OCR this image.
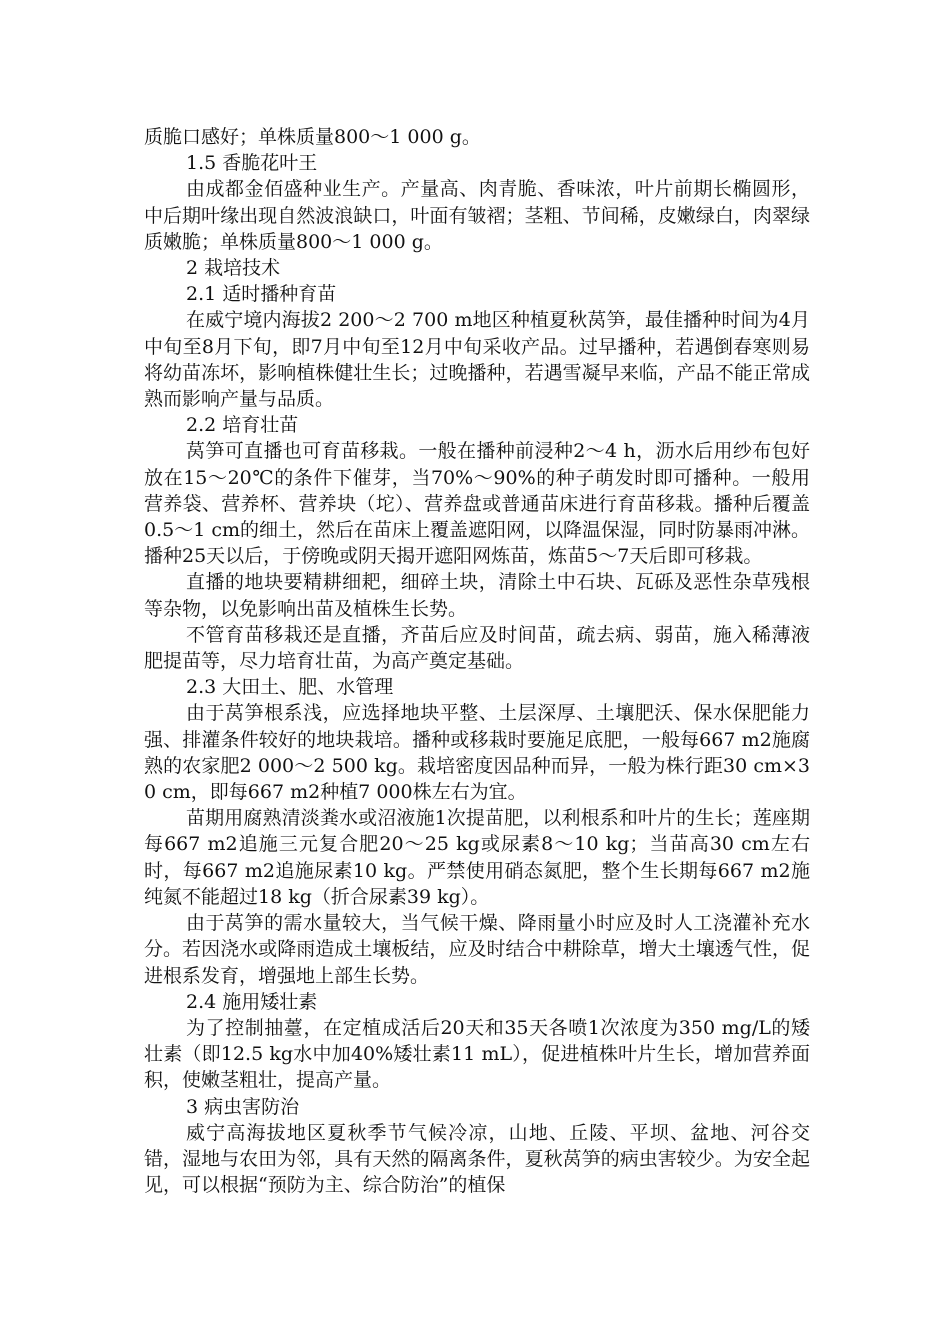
质脆口感好；单株质量800～1 000 g。

1.5 香脆花叶王

由成都金佰盛种业生产。产量高、肉青脆、香味浓，叶片前期长椭圆形，中后期叶缘出现自然波浪缺口，叶面有皱褶；茎粗、节间稀，皮嫩绿白，肉翠绿质嫩脆；单株质量800～1 000 g。

2 栽培技术

2.1 适时播种育苗

在威宁境内海拔2 200～2 700 m地区种植夏秋莴笋，最佳播种时间为4月中旬至8月下旬，即7月中旬至12月中旬采收产品。过早播种，若遇倒春寒则易将幼苗冻坏，影响植株健壮生长；过晚播种，若遇雪凝早来临，产品不能正常成熟而影响产量与品质。

2.2 培育壮苗

莴笋可直播也可育苗移栽。一般在播种前浸种2～4 h，沥水后用纱布包好放在15～20℃的条件下催芽，当70%～90%的种子萌发时即可播种。一般用营养袋、营养杯、营养块（坨）、营养盘或普通苗床进行育苗移栽。播种后覆盖0.5～1 cm的细土，然后在苗床上覆盖遮阳网，以降温保湿，同时防暴雨冲淋。播种25天以后，于傍晚或阴天揭开遮阳网炼苗，炼苗5～7天后即可移栽。

直播的地块要精耕细耙，细碎土块，清除土中石块、瓦砾及恶性杂草残根等杂物，以免影响出苗及植株生长势。

不管育苗移栽还是直播，齐苗后应及时间苗，疏去病、弱苗，施入稀薄液肥提苗等，尽力培育壮苗，为高产奠定基础。

2.3 大田土、肥、水管理

由于莴笋根系浅，应选择地块平整、土层深厚、土壤肥沃、保水保肥能力强、排灌条件较好的地块栽培。播种或移栽时要施足底肥，一般每667 m2施腐熟的农家肥2 000～2 500 kg。栽培密度因品种而异，一般为株行距30 cm×30 cm，即每667 m2种植7 000株左右为宜。

苗期用腐熟清淡粪水或沼液施1次提苗肥，以利根系和叶片的生长；莲座期每667 m2追施三元复合肥20～25 kg或尿素8～10 kg；当苗高30 cm左右时，每667 m2追施尿素10 kg。严禁使用硝态氮肥，整个生长期每667 m2施纯氮不能超过18 kg（折合尿素39 kg）。

由于莴笋的需水量较大，当气候干燥、降雨量小时应及时人工浇灌补充水分。若因浇水或降雨造成土壤板结，应及时结合中耕除草，增大土壤透气性，促进根系发育，增强地上部生长势。

2.4 施用矮壮素

为了控制抽薹，在定植成活后20天和35天各喷1次浓度为350 mg/L的矮壮素（即12.5 kg水中加40%矮壮素11 mL），促进植株叶片生长，增加营养面积，使嫩茎粗壮，提高产量。

3 病虫害防治

威宁高海拔地区夏秋季节气候冷凉，山地、丘陵、平坝、盆地、河谷交错，湿地与农田为邻，具有天然的隔离条件，夏秋莴笋的病虫害较少。为安全起见，可以根据“预防为主、综合防治”的植保
